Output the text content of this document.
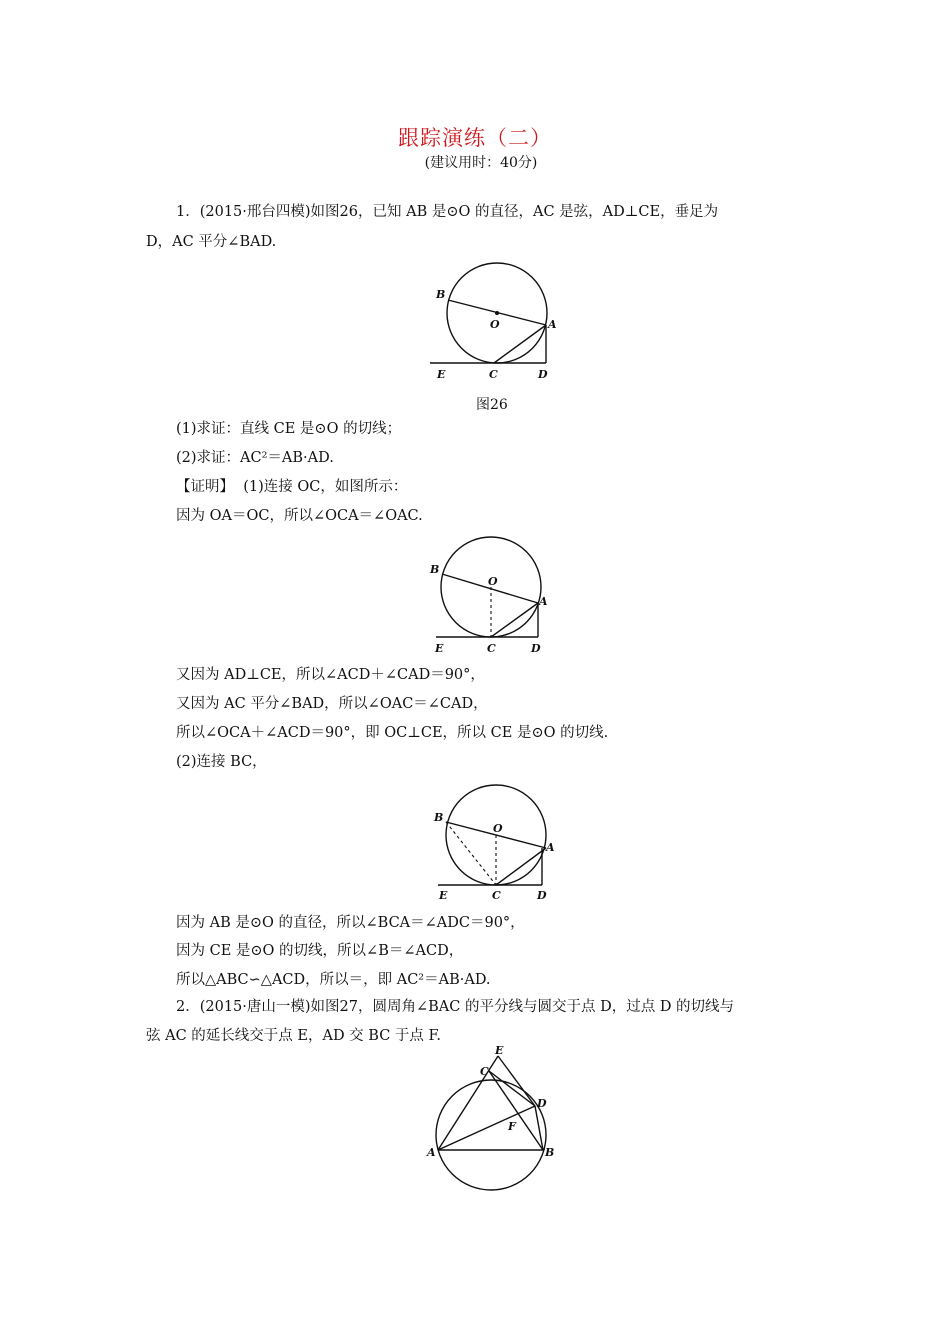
跟踪演练（二）
(建议用时：40分)
1．(2015·邢台四模)如图26，已知 AB 是⊙O 的直径，AC 是弦，AD⊥CE，垂足为
D，AC 平分∠BAD.
B
O	A
E	C	D
图26
(1)求证：直线 CE 是⊙O 的切线；
(2)求证：AC²＝AB·AD.
【证明】 (1)连接 OC，如图所示：
因为 OA＝OC，所以∠OCA＝∠OAC.
B
O
A
E	C	D
又因为 AD⊥CE，所以∠ACD＋∠CAD＝90°，
又因为 AC 平分∠BAD，所以∠OAC＝∠CAD，
所以∠OCA＋∠ACD＝90°，即 OC⊥CE，所以 CE 是⊙O 的切线.
(2)连接 BC，
B
O
A
E	C	D
因为 AB 是⊙O 的直径，所以∠BCA＝∠ADC＝90°，
因为 CE 是⊙O 的切线，所以∠B＝∠ACD，
所以△ABC∽△ACD，所以＝，即 AC²＝AB·AD.
2．(2015·唐山一模)如图27，圆周角∠BAC 的平分线与圆交于点 D，过点 D 的切线与
弦 AC 的延长线交于点 E，AD 交 BC 于点 F.
E
C
D
F
A	B
